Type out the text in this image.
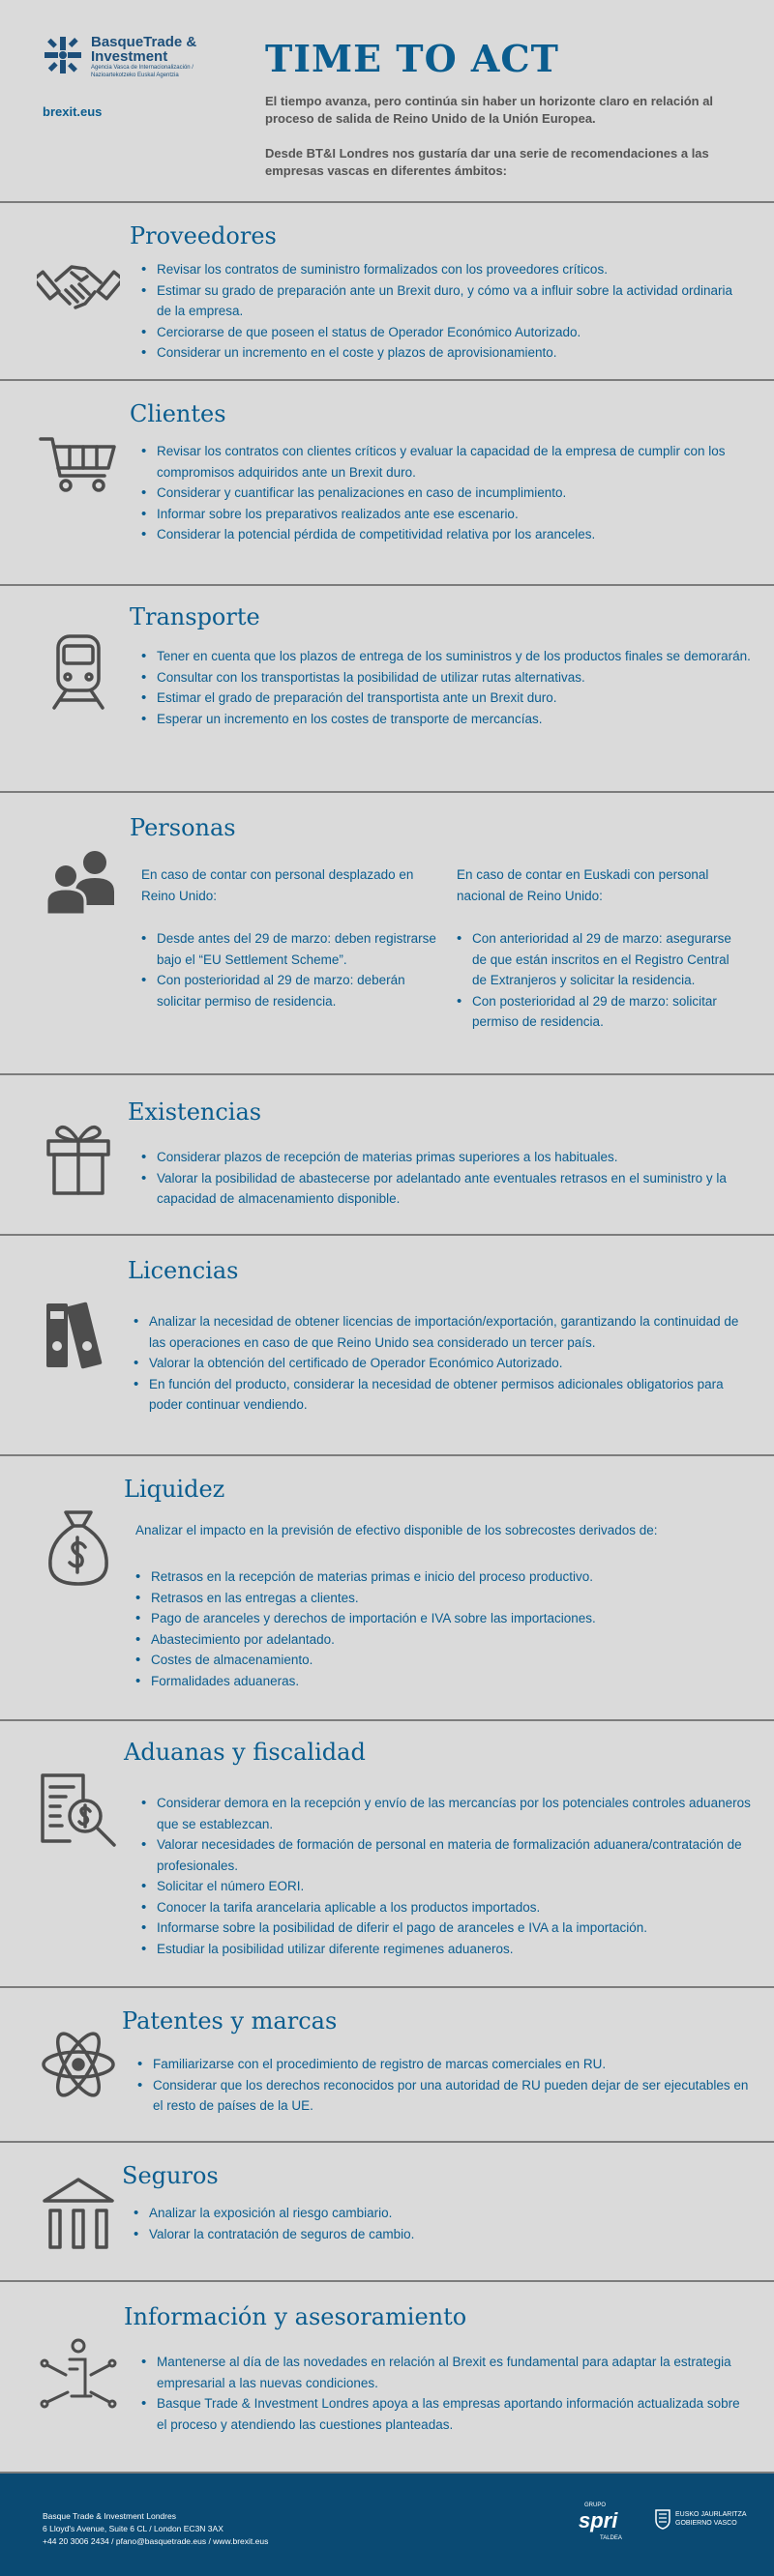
BasqueTrade & Investment
Agencia Vasca de Internacionalización / Nazioartekotzeko Euskal Agentzia
brexit.eus
TIME TO ACT

El tiempo avanza, pero continúa sin haber un horizonte claro en relación al proceso de salida de Reino Unido de la Unión Europea.

Desde BT&I Londres nos gustaría dar una serie de recomendaciones a las empresas vascas en diferentes ámbitos:

Proveedores
• Revisar los contratos de suministro formalizados con los proveedores críticos.
• Estimar su grado de preparación ante un Brexit duro, y cómo va a influir sobre la actividad ordinaria de la empresa.
• Cerciorarse de que poseen el status de Operador Económico Autorizado.
• Considerar un incremento en el coste y plazos de aprovisionamiento.
Clientes
• Revisar los contratos con clientes críticos y evaluar la capacidad de la empresa de cumplir con los compromisos adquiridos ante un Brexit duro.
• Considerar y cuantificar las penalizaciones en caso de incumplimiento.
• Informar sobre los preparativos realizados ante ese escenario.
• Considerar la potencial pérdida de competitividad relativa por los aranceles.
Transporte
• Tener en cuenta que los plazos de entrega de los suministros y de los productos finales se demorarán.
• Consultar con los transportistas la posibilidad de utilizar rutas alternativas.
• Estimar el grado de preparación del transportista ante un Brexit duro.
• Esperar un incremento en los costes de transporte de mercancías.
Personas
En caso de contar con personal desplazado en Reino Unido:
• Desde antes del 29 de marzo: deben registrarse bajo el “EU Settlement Scheme”.
• Con posterioridad al 29 de marzo: deberán solicitar permiso de residencia.
En caso de contar en Euskadi con personal nacional de Reino Unido:
• Con anterioridad al 29 de marzo: asegurarse de que están inscritos en el Registro Central de Extranjeros y solicitar la residencia.
• Con posterioridad al 29 de marzo: solicitar permiso de residencia.
Existencias
• Considerar plazos de recepción de materias primas superiores a los habituales.
• Valorar la posibilidad de abastecerse por adelantado ante eventuales retrasos en el suministro y la capacidad de almacenamiento disponible.
Licencias
• Analizar la necesidad de obtener licencias de importación/exportación, garantizando la continuidad de las operaciones en caso de que Reino Unido sea considerado un tercer país.
• Valorar la obtención del certificado de Operador Económico Autorizado.
• En función del producto, considerar la necesidad de obtener permisos adicionales obligatorios para poder continuar vendiendo.
Liquidez
Analizar el impacto en la previsión de efectivo disponible de los sobrecostes derivados de:
• Retrasos en la recepción de materias primas e inicio del proceso productivo.
• Retrasos en las entregas a clientes.
• Pago de aranceles y derechos de importación e IVA sobre las importaciones.
• Abastecimiento por adelantado.
• Costes de almacenamiento.
• Formalidades aduaneras.
Aduanas y fiscalidad
• Considerar demora en la recepción y envío de las mercancías por los potenciales controles aduaneros que se establezcan.
• Valorar necesidades de formación de personal en materia de formalización aduanera/contratación de profesionales.
• Solicitar el número EORI.
• Conocer la tarifa arancelaria aplicable a los productos importados.
• Informarse sobre la posibilidad de diferir el pago de aranceles e IVA a la importación.
• Estudiar la posibilidad utilizar diferente regimenes aduaneros.
Patentes y marcas
• Familiarizarse con el procedimiento de registro de marcas comerciales en RU.
• Considerar que los derechos reconocidos por una autoridad de RU pueden dejar de ser ejecutables en el resto de países de la UE.
Seguros
• Analizar la exposición al riesgo cambiario.
• Valorar la contratación de seguros de cambio.
Información y asesoramiento
• Mantenerse al día de las novedades en relación al Brexit es fundamental para adaptar la estrategia empresarial a las nuevas condiciones.
• Basque Trade & Investment Londres apoya a las empresas aportando información actualizada sobre el proceso y atendiendo las cuestiones planteadas.
Basque Trade & Investment Londres
6 Lloyd's Avenue, Suite 6 CL / London EC3N 3AX
+44 20 3006 2434 / pfano@basquetrade.eus / www.brexit.eus
GRUPO
spri
TALDEA
EUSKO JAURLARITZA
GOBIERNO VASCO
